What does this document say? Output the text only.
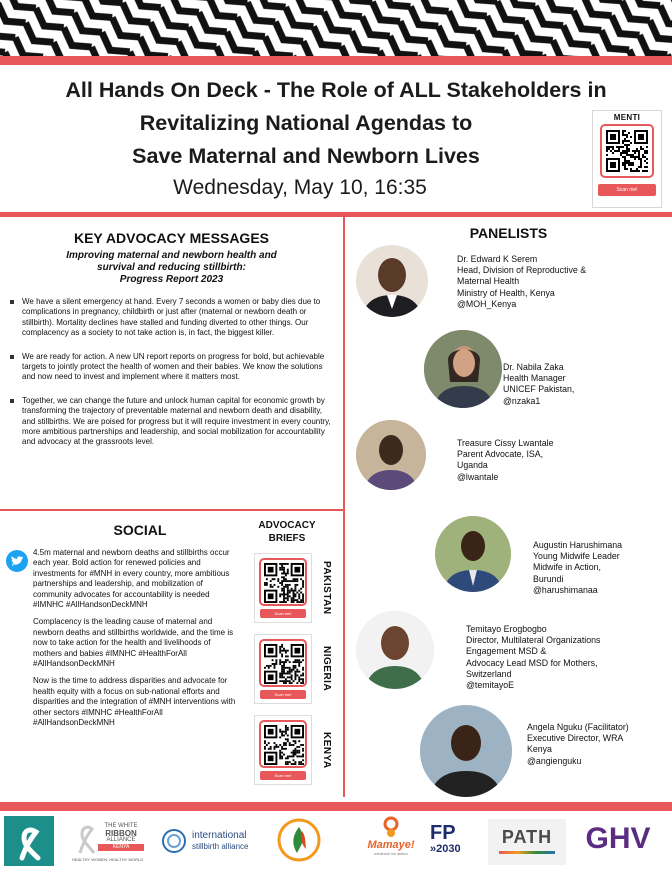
All Hands On Deck - The Role of ALL Stakeholders in
Revitalizing National Agendas to
Save Maternal and Newborn Lives
Wednesday, May 10, 16:35
MENTI
Scan me!
KEY ADVOCACY MESSAGES
Improving maternal and newborn health and
survival and reducing stillbirth:
Progress Report 2023
We have a silent emergency at hand. Every 7 seconds a women or baby dies due to complications in pregnancy, childbirth or just after (maternal or newborn death or stillbirth). Mortality declines have stalled and funding diverted to other things. Our complacency as a society to not take action is, in fact, the biggest killer.
We are ready for action. A new UN report reports on progress for bold, but achievable targets to jointly protect the health of women and their babies. We know the solutions and now need to invest and implement where it matters most.
Together, we can change the future and unlock human capital for economic growth by transforming the trajectory of preventable maternal and newborn death and disability, and stillbirths. We are poised for progress but it will require investment in every country, more ambitious partnerships and leadership, and social mobilization for accountability and advocacy at the grassroots level.
SOCIAL

4.5m maternal and newborn deaths and stillbirths occur each year. Bold action for renewed policies and investments for #MNH in every country, more ambitious partnerships and leadership, and mobilization of community advocates for accountability is needed #IMNHC #AllHandsonDeckMNH

Complacency is the leading cause of maternal and newborn deaths and stillbirths worldwide, and the time is now to take action for the health and livelihoods of mothers and babies #IMNHC #HealthForAll #AllHandsonDeckMNH

Now is the time to address disparities and advocate for health equity with a focus on sub-national efforts and disparities and the integration of #MNH interventions with other sectors #IMNHC #HealthForAll #AllHandsonDeckMNH

ADVOCACY
BRIEFS
Scan me!	PAKISTAN
Scan me!
NIGERIA
Scan me!
KENYA
PANELISTS
Dr. Edward K Serem
Head, Division of Reproductive &
Maternal Health
Ministry of Health, Kenya
@MOH_Kenya
Dr. Nabila Zaka
Health Manager
UNICEF Pakistan,
@nzaka1
Treasure Cissy Lwantale
Parent Advocate, ISA,
Uganda
@lwantale
Augustin Harushimana
Young Midwife Leader
Midwife in Action,
Burundi
@harushimanaa
Temitayo Erogbogbo
Director, Multilateral Organizations
Engagement MSD &
Advocacy Lead MSD for Mothers,
Switzerland
@temitayoE
Angela Nguku (Facilitator)
Executive Director, WRA
Kenya
@angienguku
THE WHITE
RIBBON
ALLIANCE
KENYA
HEALTHY WOMEN, HEALTHY WORLD
international
stillbirth alliance	Mamaye!
evidence for action
FP
»2030
PATH	GHV
